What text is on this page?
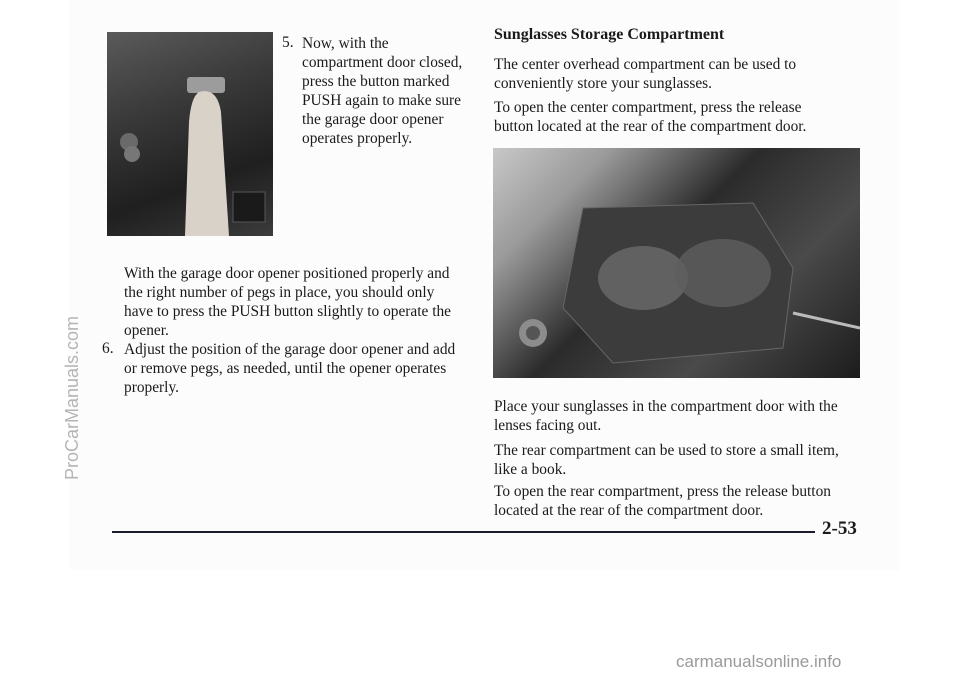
5. Now, with the compartment door closed, press the button marked PUSH again to make sure the garage door opener operates properly.
With the garage door opener positioned properly and the right number of pegs in place, you should only have to press the PUSH button slightly to operate the opener.
6. Adjust the position of the garage door opener and add or remove pegs, as needed, until the opener operates properly.
Sunglasses Storage Compartment
The center overhead compartment can be used to conveniently store your sunglasses.
To open the center compartment, press the release button located at the rear of the compartment door.
Place your sunglasses in the compartment door with the lenses facing out.
The rear compartment can be used to store a small item, like a book.
To open the rear compartment, press the release button located at the rear of the compartment door.
2-53
ProCarManuals.com
carmanualsonline.info
